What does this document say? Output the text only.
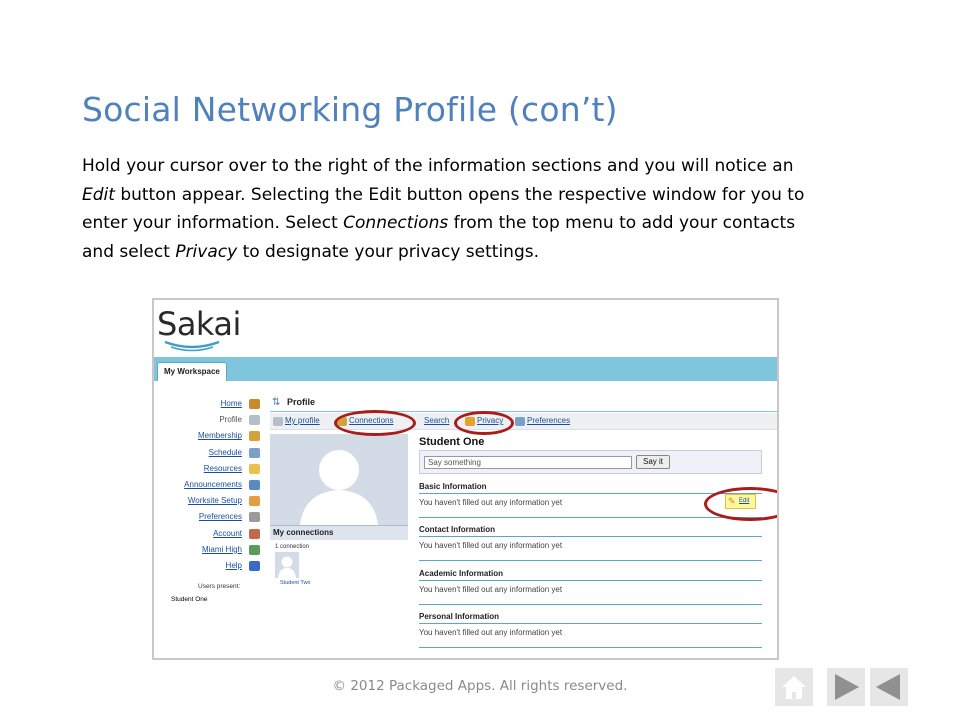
Social Networking Profile (con’t)
Hold your cursor over to the right of the information sections and you will notice an Edit button appear. Selecting the Edit button opens the respective window for you to enter your information. Select Connections from the top menu to add your contacts and select Privacy to designate your privacy settings.
Sakai
My Workspace
Home
Profile
Membership
Schedule
Resources
Announcements
Worksite Setup
Preferences
Account
Miami High
Help
Users present:
Student One
⇅ Profile
My profile	Connections	Search	Privacy	Preferences
My connections
1 connection
Student Two
Student One
Say something	Say it
Basic Information
You haven't filled out any information yet
Contact Information
You haven't filled out any information yet
Academic Information
You haven't filled out any information yet
Personal Information
You haven't filled out any information yet
✎ Edit
© 2012 Packaged Apps. All rights reserved.
